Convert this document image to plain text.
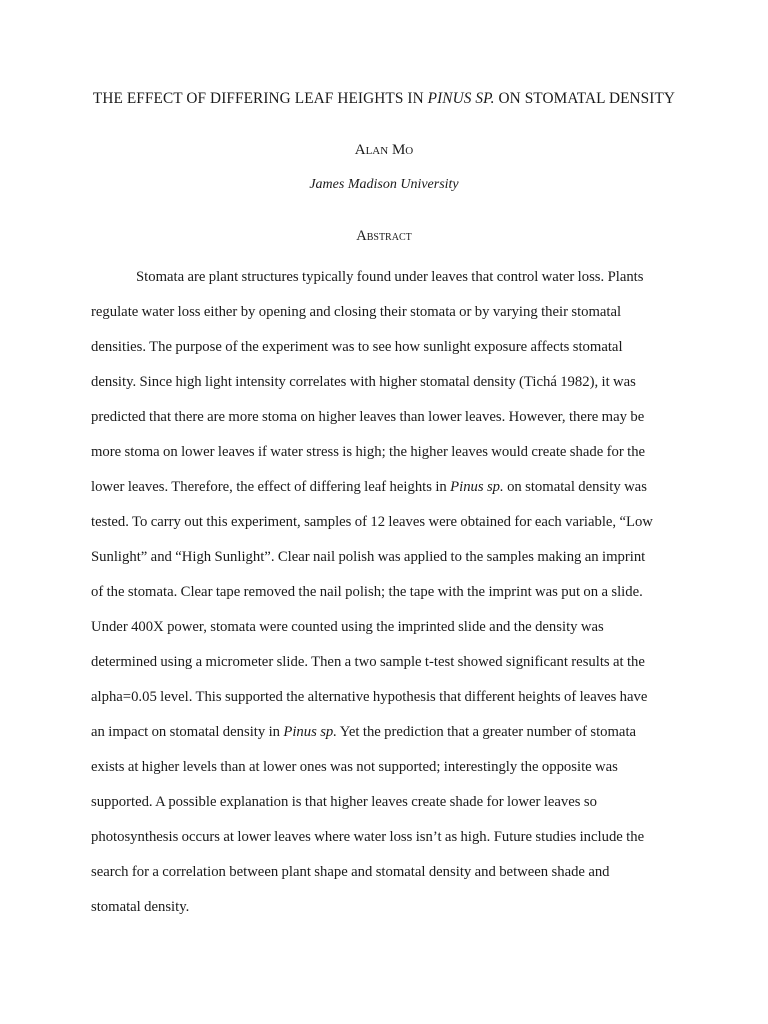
THE EFFECT OF DIFFERING LEAF HEIGHTS IN PINUS SP. ON STOMATAL DENSITY
Alan Mo
James Madison University
Abstract
Stomata are plant structures typically found under leaves that control water loss. Plants
regulate water loss either by opening and closing their stomata or by varying their stomatal
densities. The purpose of the experiment was to see how sunlight exposure affects stomatal
density. Since high light intensity correlates with higher stomatal density (Tichá 1982), it was
predicted that there are more stoma on higher leaves than lower leaves. However, there may be
more stoma on lower leaves if water stress is high; the higher leaves would create shade for the
lower leaves. Therefore, the effect of differing leaf heights in Pinus sp. on stomatal density was
tested. To carry out this experiment, samples of 12 leaves were obtained for each variable, “Low
Sunlight” and “High Sunlight”. Clear nail polish was applied to the samples making an imprint
of the stomata. Clear tape removed the nail polish; the tape with the imprint was put on a slide.
Under 400X power, stomata were counted using the imprinted slide and the density was
determined using a micrometer slide. Then a two sample t-test showed significant results at the
alpha=0.05 level. This supported the alternative hypothesis that different heights of leaves have
an impact on stomatal density in Pinus sp. Yet the prediction that a greater number of stomata
exists at higher levels than at lower ones was not supported; interestingly the opposite was
supported. A possible explanation is that higher leaves create shade for lower leaves so
photosynthesis occurs at lower leaves where water loss isn’t as high. Future studies include the
search for a correlation between plant shape and stomatal density and between shade and
stomatal density.
